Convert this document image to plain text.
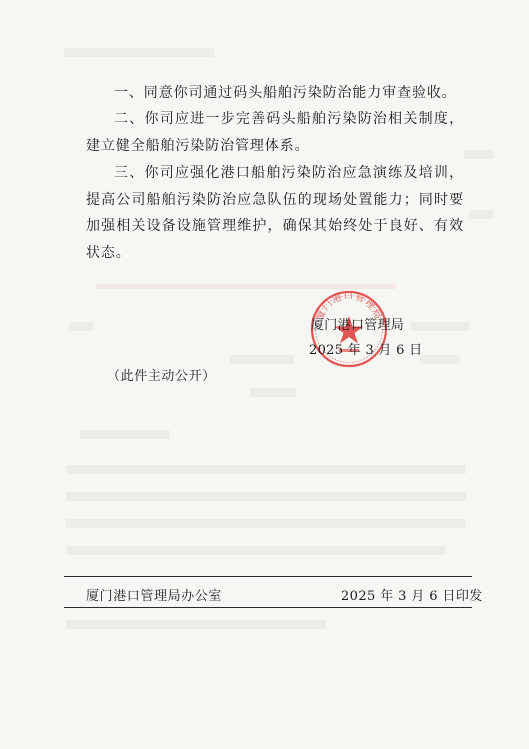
一、同意你司通过码头船舶污染防治能力审查验收。

二、你司应进一步完善码头船舶污染防治相关制度，建立健全船舶污染防治管理体系。

三、你司应强化港口船舶污染防治应急演练及培训，提高公司船舶污染防治应急队伍的现场处置能力；同时要加强相关设备设施管理维护，确保其始终处于良好、有效状态。

厦门港口管理局
厦门港口管理局
2025 年 3 月 6 日
（此件主动公开）
厦门港口管理局办公室	2025 年 3 月 6 日印发
